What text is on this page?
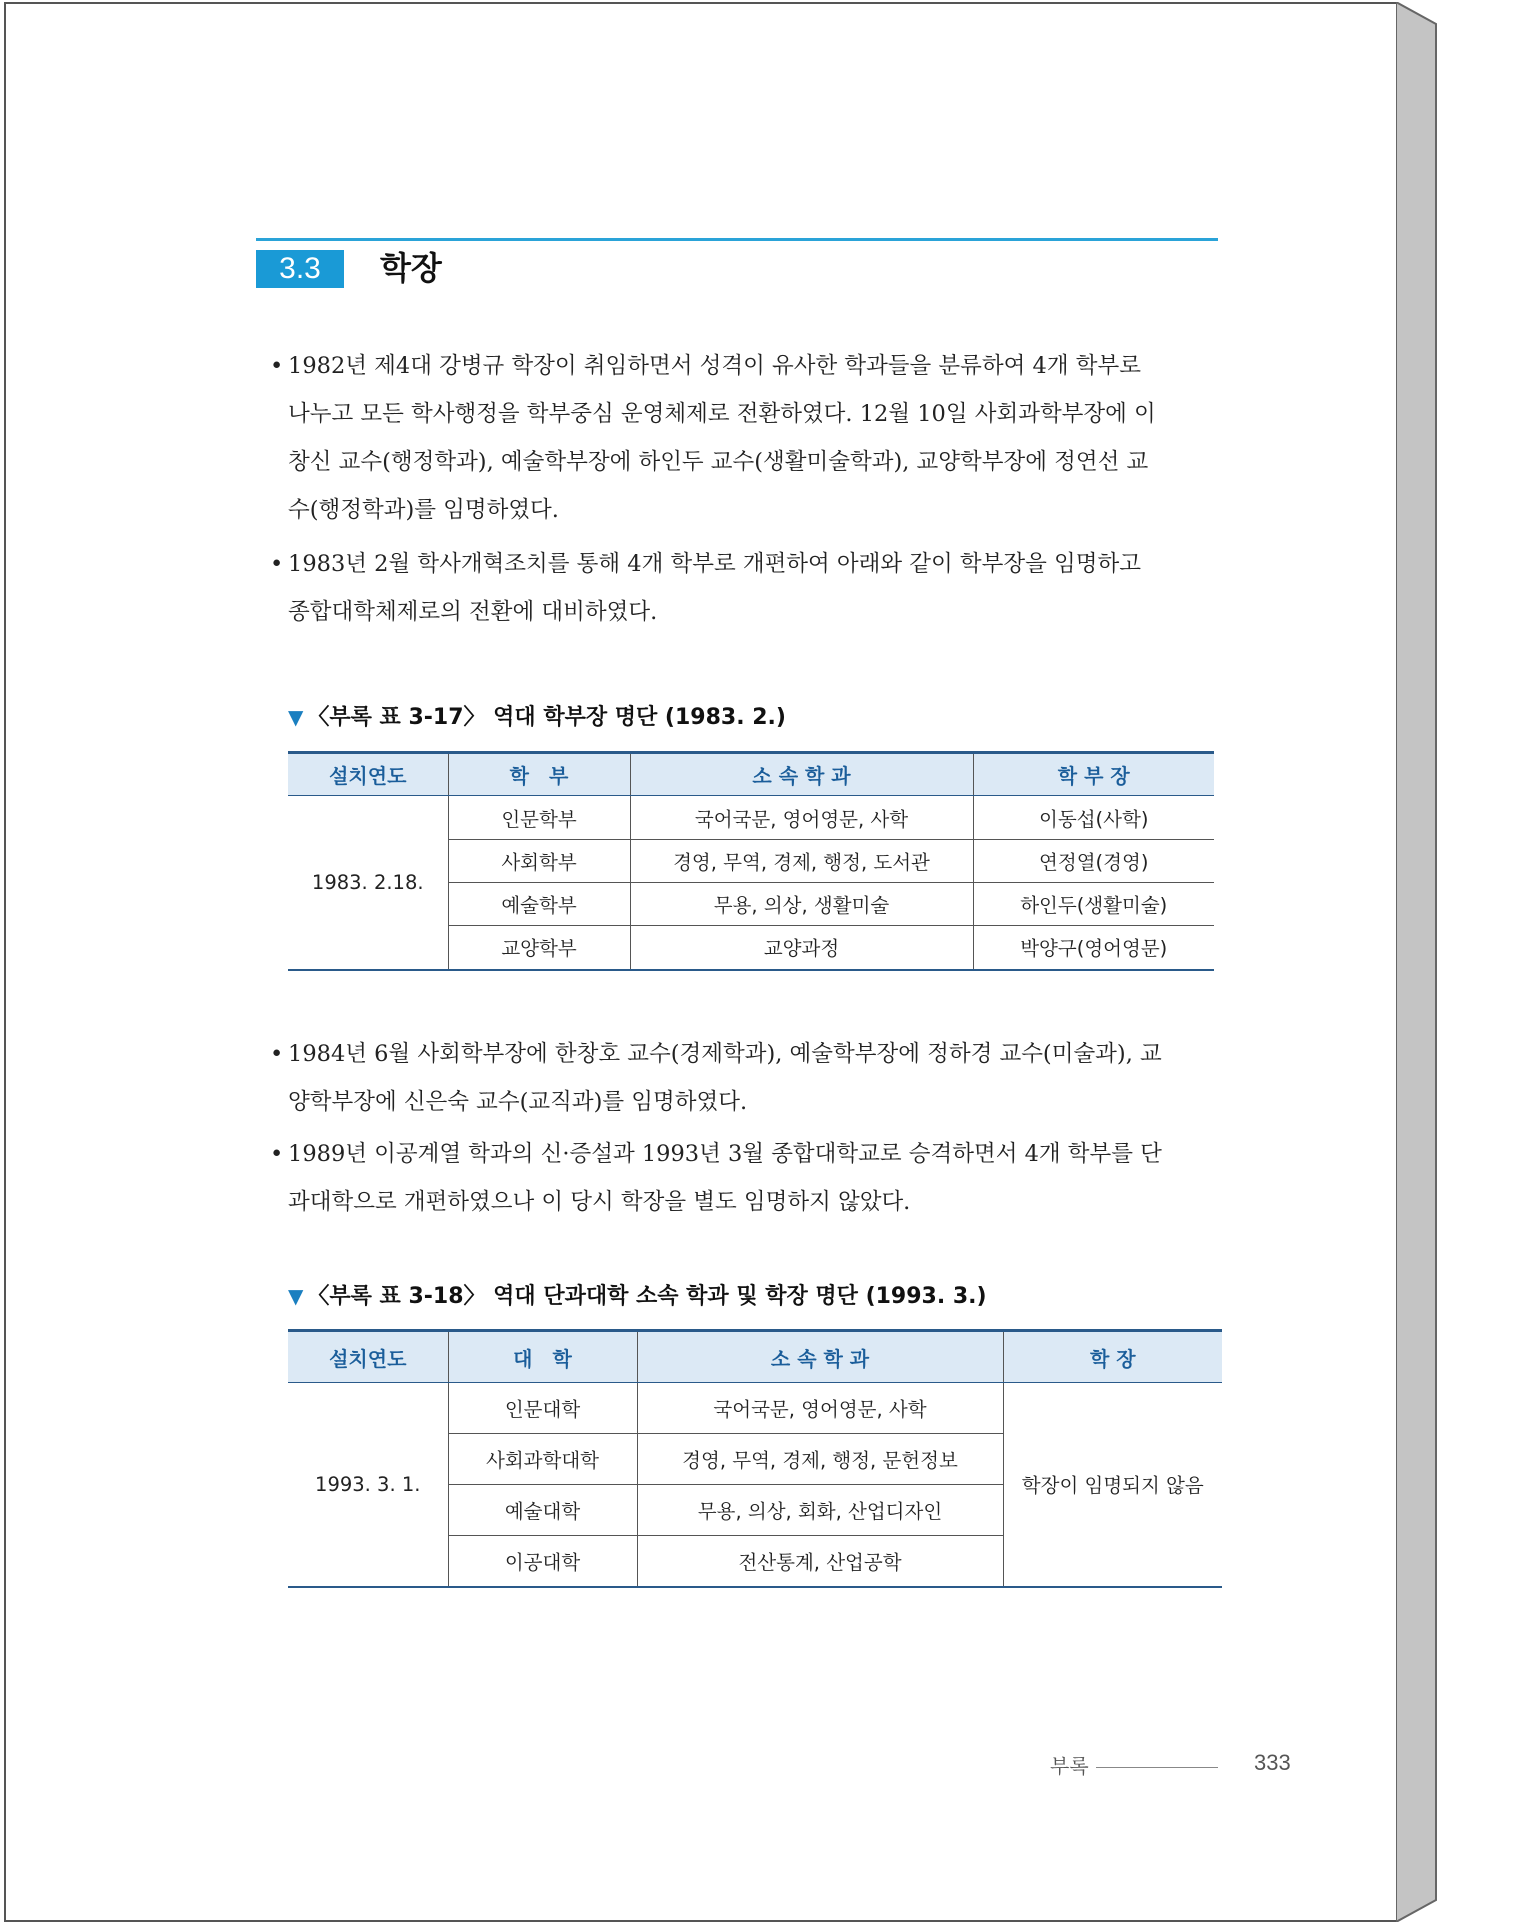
3.3	학장
• 1982년 제4대 강병규 학장이 취임하면서 성격이 유사한 학과들을 분류하여 4개 학부로
나누고 모든 학사행정을 학부중심 운영체제로 전환하였다. 12월 10일 사회과학부장에 이
창신 교수(행정학과), 예술학부장에 하인두 교수(생활미술학과), 교양학부장에 정연선 교
수(행정학과)를 임명하였다.
• 1983년 2월 학사개혁조치를 통해 4개 학부로 개편하여 아래와 같이 학부장을 임명하고
종합대학체제로의 전환에 대비하였다.
▼ 〈부록 표 3-17〉 역대 학부장 명단 (1983. 2.)
설치연도	학　부	소 속 학 과	학 부 장
1983. 2.18.	인문학부	국어국문, 영어영문, 사학	이동섭(사학)
	사회학부	경영, 무역, 경제, 행정, 도서관	연정열(경영)
	예술학부	무용, 의상, 생활미술	하인두(생활미술)
	교양학부	교양과정	박양구(영어영문)
• 1984년 6월 사회학부장에 한창호 교수(경제학과), 예술학부장에 정하경 교수(미술과), 교
양학부장에 신은숙 교수(교직과)를 임명하였다.
• 1989년 이공계열 학과의 신·증설과 1993년 3월 종합대학교로 승격하면서 4개 학부를 단
과대학으로 개편하였으나 이 당시 학장을 별도 임명하지 않았다.
▼ 〈부록 표 3-18〉 역대 단과대학 소속 학과 및 학장 명단 (1993. 3.)
설치연도	대　학	소 속 학 과	학 장
1993. 3. 1.	인문대학	국어국문, 영어영문, 사학	학장이 임명되지 않음
	사회과학대학	경영, 무역, 경제, 행정, 문헌정보	
	예술대학	무용, 의상, 회화, 산업디자인	
	이공대학	전산통계, 산업공학	
부록	333
